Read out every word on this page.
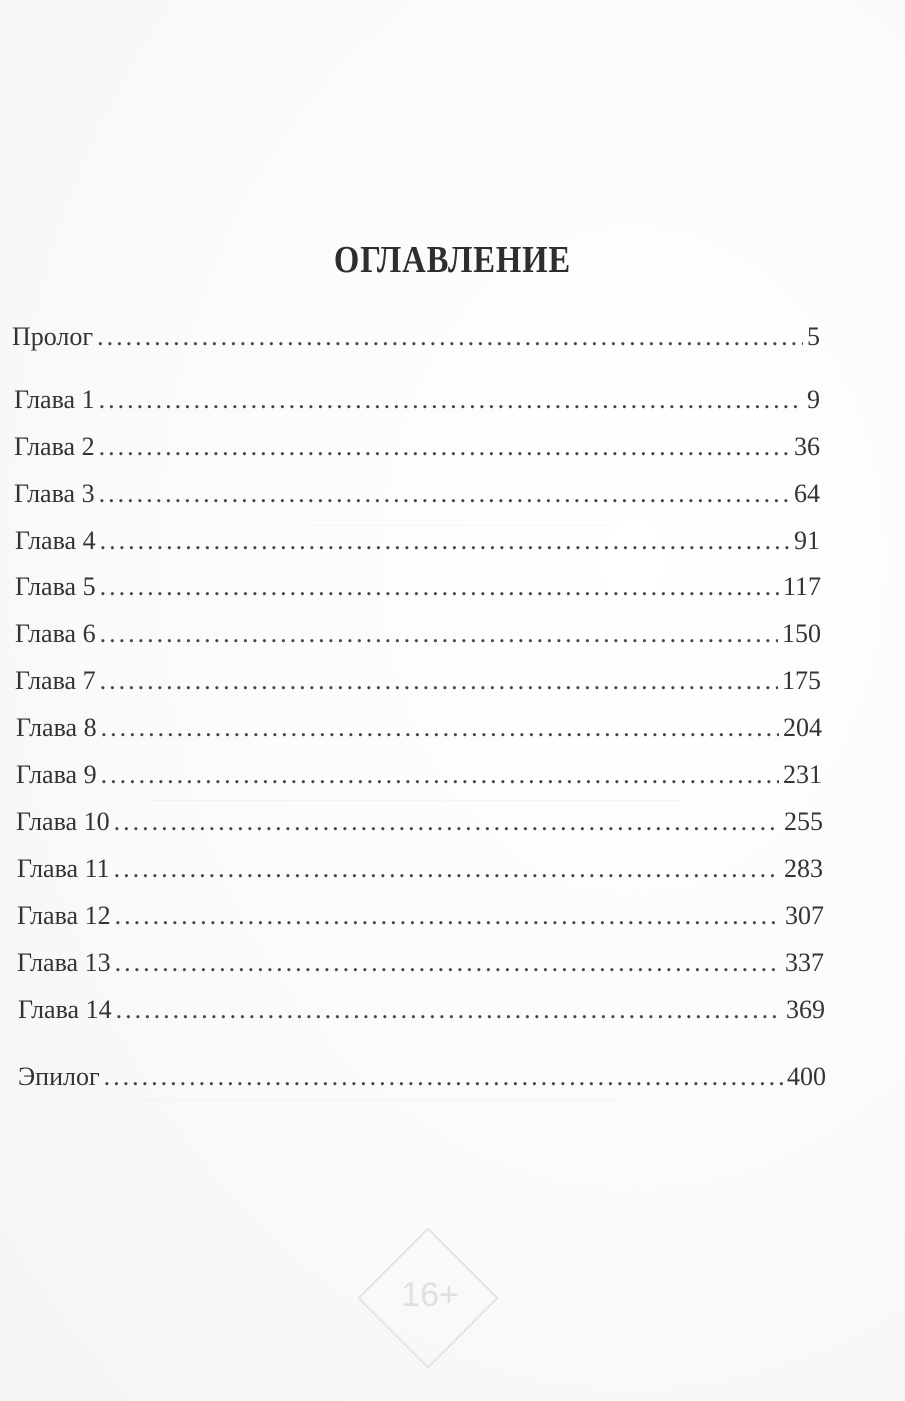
ОГЛАВЛЕНИЕ
Пролог .....	5
Глава 1 .....	9
Глава 2 .....	36
Глава 3 .....	64
Глава 4 .....	91
Глава 5 .....	117
Глава 6 .....	150
Глава 7 .....	175
Глава 8 .....	204
Глава 9 .....	231
Глава 10 .....	255
Глава 11 .....	283
Глава 12 .....	307
Глава 13 .....	337
Глава 14 .....	369
Эпилог .....	400
16+
